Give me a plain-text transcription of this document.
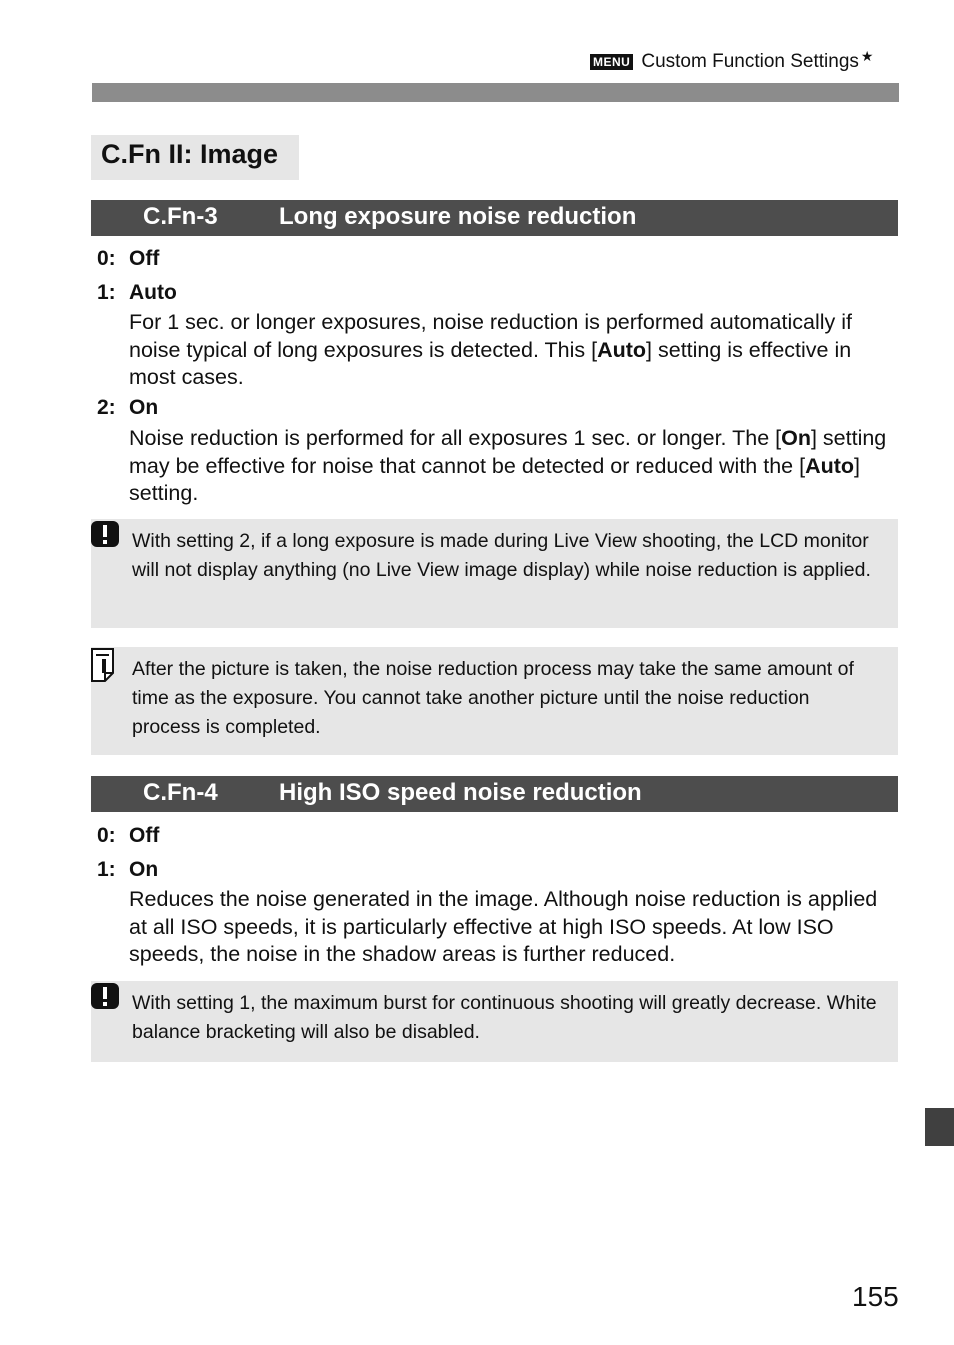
MENU Custom Function Settings ★
C.Fn II: Image
C.Fn-3	Long exposure noise reduction
0: Off
1: Auto
For 1 sec. or longer exposures, noise reduction is performed automatically if noise typical of long exposures is detected. This [Auto] setting is effective in most cases.
2: On
Noise reduction is performed for all exposures 1 sec. or longer. The [On] setting may be effective for noise that cannot be detected or reduced with the [Auto] setting.
With setting 2, if a long exposure is made during Live View shooting, the LCD monitor will not display anything (no Live View image display) while noise reduction is applied.
After the picture is taken, the noise reduction process may take the same amount of time as the exposure. You cannot take another picture until the noise reduction process is completed.
C.Fn-4	High ISO speed noise reduction
0: Off
1: On
Reduces the noise generated in the image. Although noise reduction is applied at all ISO speeds, it is particularly effective at high ISO speeds. At low ISO speeds, the noise in the shadow areas is further reduced.
With setting 1, the maximum burst for continuous shooting will greatly decrease. White balance bracketing will also be disabled.
155
